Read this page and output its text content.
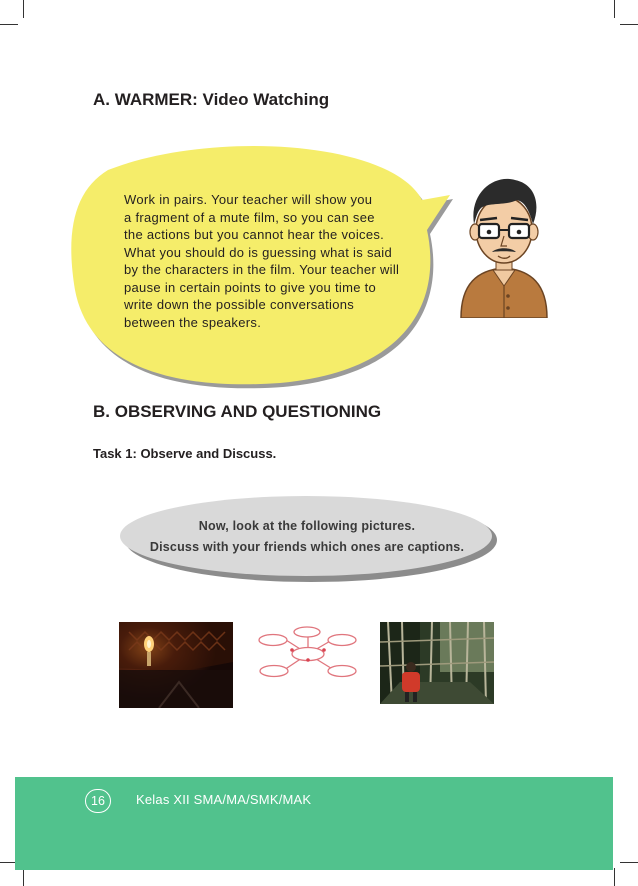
A. WARMER: Video Watching
Work in pairs. Your teacher will show you
a fragment of a mute film, so you can see
the actions but you cannot hear the voices.
What you should do is guessing what is said
by the characters in the film. Your teacher will
pause in certain points to give you time to
write down the possible conversations
between the speakers.
B. OBSERVING AND QUESTIONING
Task 1: Observe and Discuss.
Now, look at the following pictures.
Discuss with your friends which ones are captions.
16	Kelas XII SMA/MA/SMK/MAK
